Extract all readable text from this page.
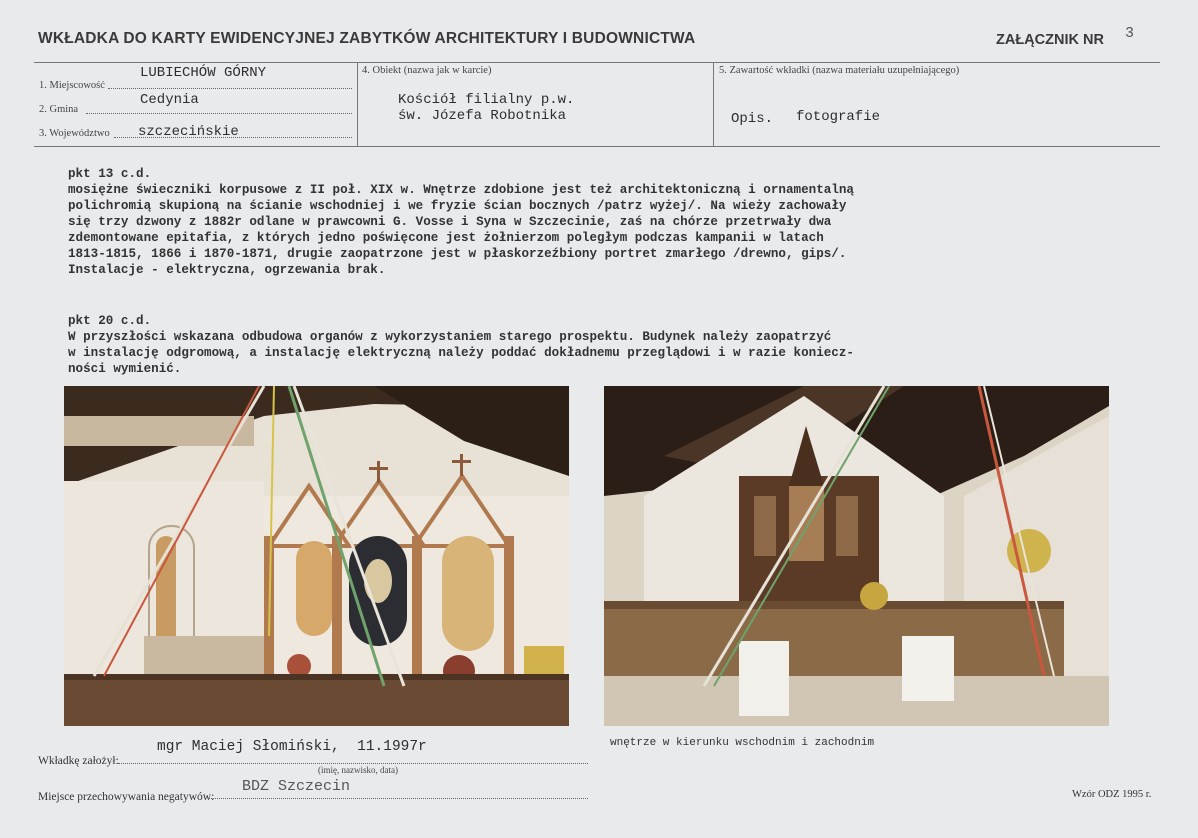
WKŁADKA DO KARTY EWIDENCYJNEJ ZABYTKÓW ARCHITEKTURY I BUDOWNICTWA	ZAŁĄCZNIK NR 3
1. Miejscowość
LUBIECHÓW GÓRNY
2. Gmina
Cedynia
3. Województwo szczecińskie
4. Obiekt (nazwa jak w karcie)
Kościół filialny p.w.
św. Józefa Robotnika
5. Zawartość wkładki (nazwa materiału uzupełniającego)
Opis. fotografie
pkt 13 c.d.
mosiężne świeczniki korpusowe z II poł. XIX w. Wnętrze zdobione jest też architektoniczną i ornamentalną
polichromią skupioną na ścianie wschodniej i we fryzie ścian bocznych /patrz wyżej/. Na wieży zachowały
się trzy dzwony z 1882r odlane w prawcowni G. Vosse i Syna w Szczecinie, zaś na chórze przetrwały dwa
zdemontowane epitafia, z których jedno poświęcone jest żołnierzom poległym podczas kampanii w latach
1813-1815, 1866 i 1870-1871, drugie zaopatrzone jest w płaskorzeźbiony portret zmarłego /drewno, gips/.
Instalacje - elektryczna, ogrzewania brak.
pkt 20 c.d.
W przyszłości wskazana odbudowa organów z wykorzystaniem starego prospektu. Budynek należy zaopatrzyć
w instalację odgromową, a instalację elektryczną należy poddać dokładnemu przeglądowi i w razie koniecz-
ności wymienić.
Wkładkę założył:
mgr Maciej Słomiński,  11.1997r
(imię, nazwisko, data)
wnętrze w kierunku wschodnim i zachodnim
Miejsce przechowywania negatywów:
BDZ Szczecin	Wzór ODZ 1995 r.
